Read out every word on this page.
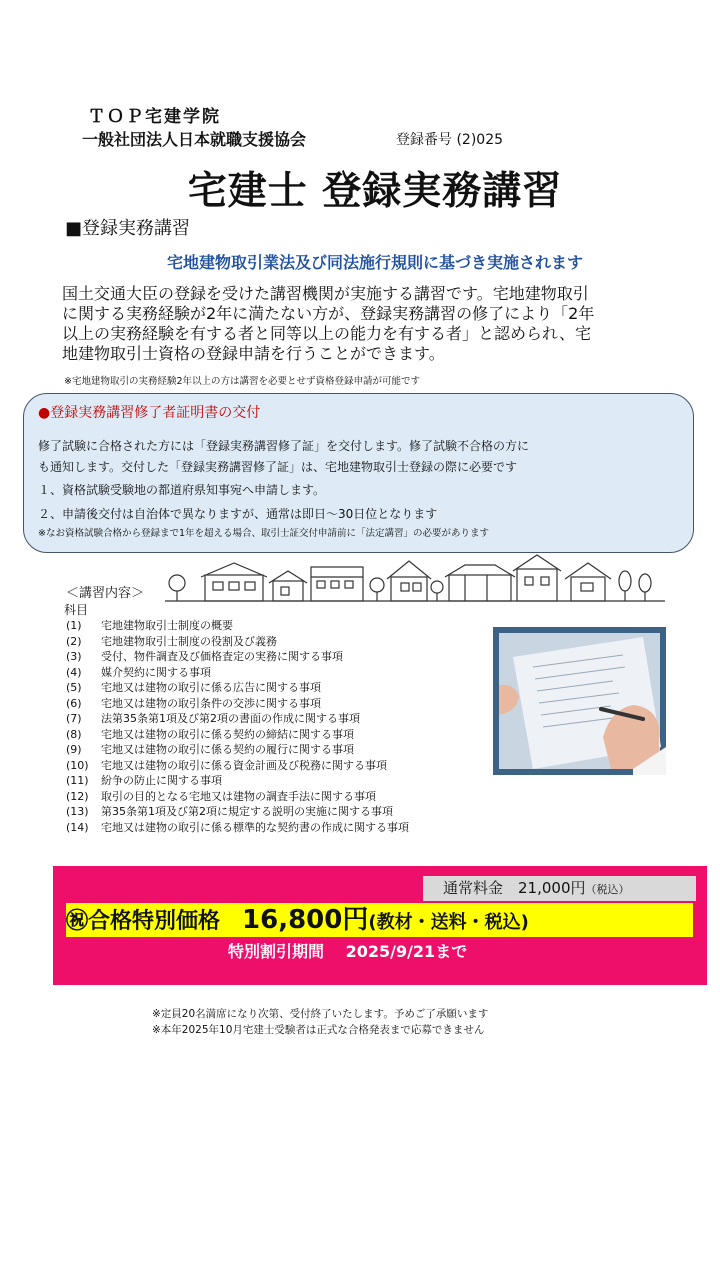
ＴＯＰ宅建学院
一般社団法人日本就職支援協会	登録番号 (2)025
宅建士 登録実務講習
■登録実務講習
宅地建物取引業法及び同法施行規則に基づき実施されます
国土交通大臣の登録を受けた講習機関が実施する講習です。宅地建物取引
に関する実務経験が2年に満たない方が、登録実務講習の修了により「2年
以上の実務経験を有する者と同等以上の能力を有する者」と認められ、宅
地建物取引士資格の登録申請を行うことができます。
※宅地建物取引の実務経験2年以上の方は講習を必要とせず資格登録申請が可能です
●登録実務講習修了者証明書の交付
修了試験に合格された方には「登録実務講習修了証」を交付します。修了試験不合格の方に
も通知します。交付した「登録実務講習修了証」は、宅地建物取引士登録の際に必要です
１、資格試験受験地の都道府県知事宛へ申請します。
２、申請後交付は自治体で異なりますが、通常は即日～30日位となります
※なお資格試験合格から登録まで1年を超える場合、取引士証交付申請前に「法定講習」の必要があります
＜講習内容＞
科目
(1) 宅地建物取引士制度の概要
(2) 宅地建物取引士制度の役割及び義務
(3) 受付、物件調査及び価格査定の実務に関する事項
(4) 媒介契約に関する事項
(5) 宅地又は建物の取引に係る広告に関する事項
(6) 宅地又は建物の取引条件の交渉に関する事項
(7) 法第35条第1項及び第2項の書面の作成に関する事項
(8) 宅地又は建物の取引に係る契約の締結に関する事項
(9) 宅地又は建物の取引に係る契約の履行に関する事項
(10) 宅地又は建物の取引に係る資金計画及び税務に関する事項
(11) 紛争の防止に関する事項
(12) 取引の目的となる宅地又は建物の調査手法に関する事項
(13) 第35条第1項及び第2項に規定する説明の実施に関する事項
(14) 宅地又は建物の取引に係る標準的な契約書の作成に関する事項
通常料金　21,000円（税込）
㊗合格特別価格　16,800円(教材・送料・税込)
特別割引期間　 2025/9/21まで
※定員20名満席になり次第、受付終了いたします。予めご了承願います
※本年2025年10月宅建士受験者は正式な合格発表まで応募できません
